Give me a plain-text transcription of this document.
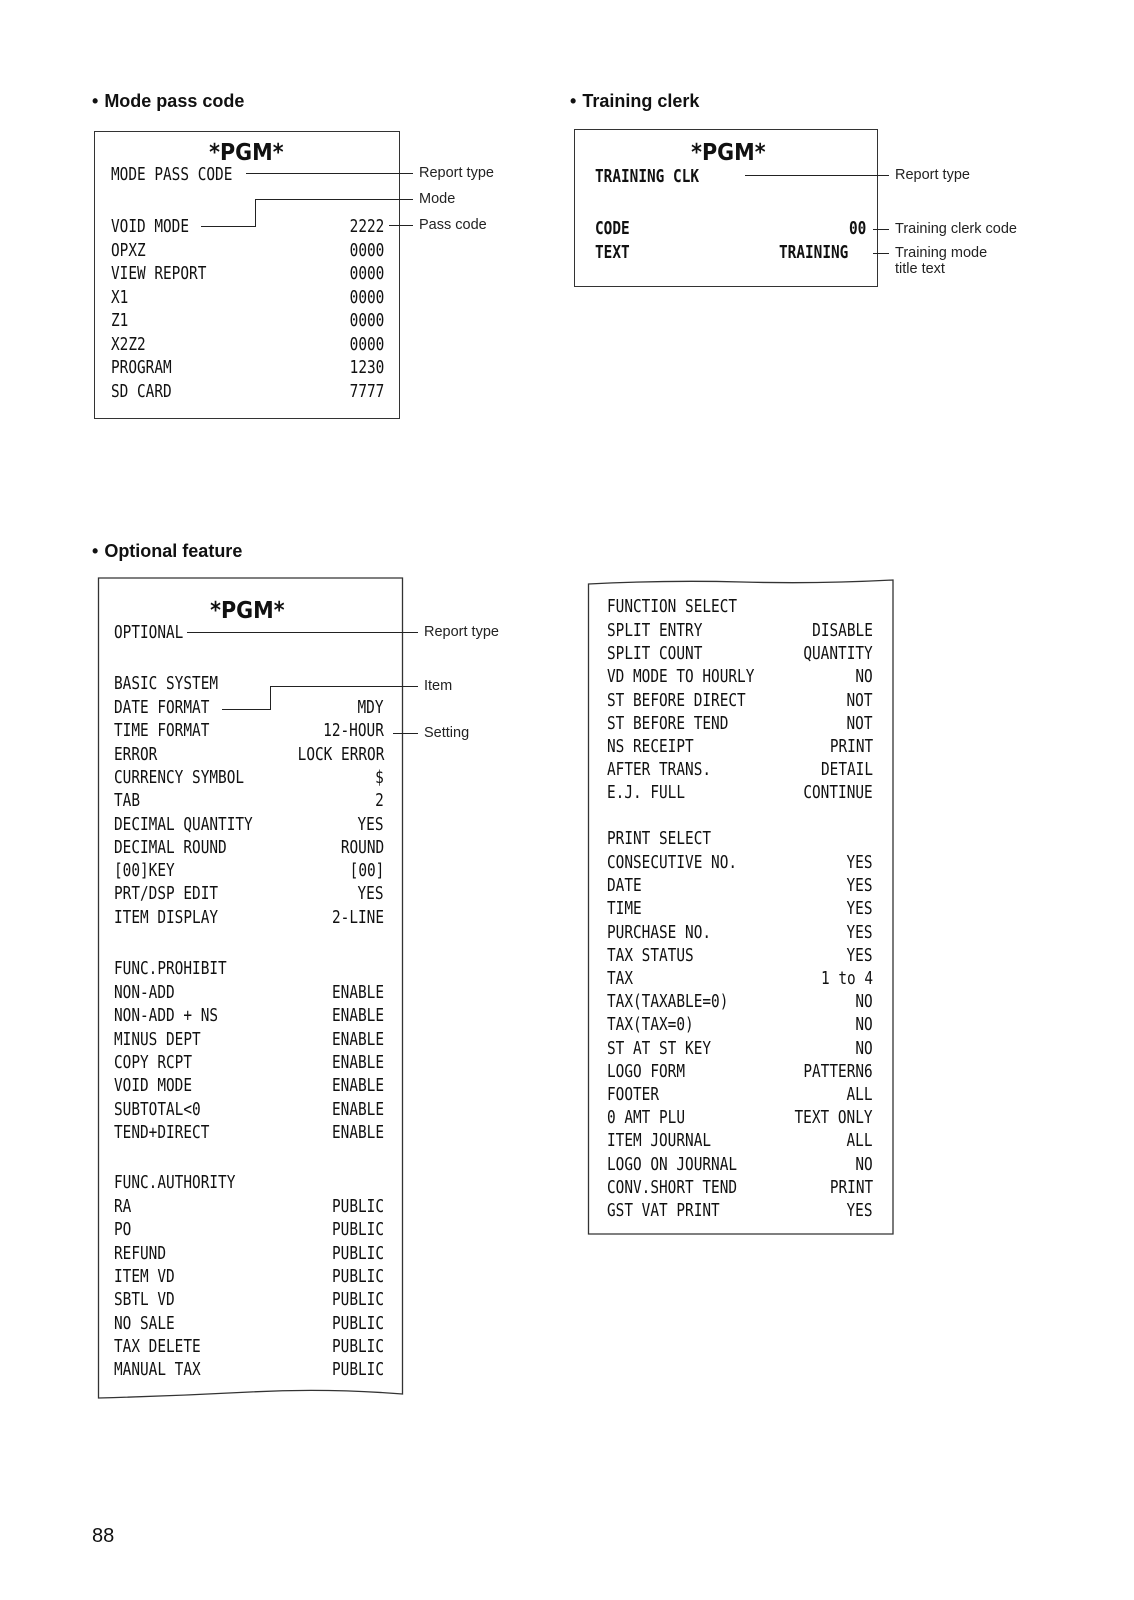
• Mode pass code
*PGM*
MODE PASS CODE
VOID MODE	2222
OPXZ	0000
VIEW REPORT	0000
X1	0000
Z1	0000
X2Z2	0000
PROGRAM	1230
SD CARD	7777
Report type
Mode
Pass code
• Training clerk
*PGM*
TRAINING CLK
CODE	00
TEXT	TRAINING
Report type
Training clerk code
Training mode
title text
• Optional feature
*PGM*
OPTIONAL
BASIC SYSTEM
DATE FORMAT	MDY
TIME FORMAT	12-HOUR
ERROR	LOCK ERROR
CURRENCY SYMBOL	$
TAB	2
DECIMAL QUANTITY	YES
DECIMAL ROUND	ROUND
[00]KEY	[00]
PRT/DSP EDIT	YES
ITEM DISPLAY	2-LINE
FUNC.PROHIBIT
NON-ADD	ENABLE
NON-ADD + NS	ENABLE
MINUS DEPT	ENABLE
COPY RCPT	ENABLE
VOID MODE	ENABLE
SUBTOTAL<0	ENABLE
TEND+DIRECT	ENABLE
FUNC.AUTHORITY
RA	PUBLIC
PO	PUBLIC
REFUND	PUBLIC
ITEM VD	PUBLIC
SBTL VD	PUBLIC
NO SALE	PUBLIC
TAX DELETE	PUBLIC
MANUAL TAX	PUBLIC
Report type
Item
Setting
FUNCTION SELECT
SPLIT ENTRY	DISABLE
SPLIT COUNT	QUANTITY
VD MODE TO HOURLY	NO
ST BEFORE DIRECT	NOT
ST BEFORE TEND	NOT
NS RECEIPT	PRINT
AFTER TRANS.	DETAIL
E.J. FULL	CONTINUE
PRINT SELECT
CONSECUTIVE NO.	YES
DATE	YES
TIME	YES
PURCHASE NO.	YES
TAX STATUS	YES
TAX	1 to 4
TAX(TAXABLE=0)	NO
TAX(TAX=0)	NO
ST AT ST KEY	NO
LOGO FORM	PATTERN6
FOOTER	ALL
0 AMT PLU	TEXT ONLY
ITEM JOURNAL	ALL
LOGO ON JOURNAL	NO
CONV.SHORT TEND	PRINT
GST VAT PRINT	YES
88
